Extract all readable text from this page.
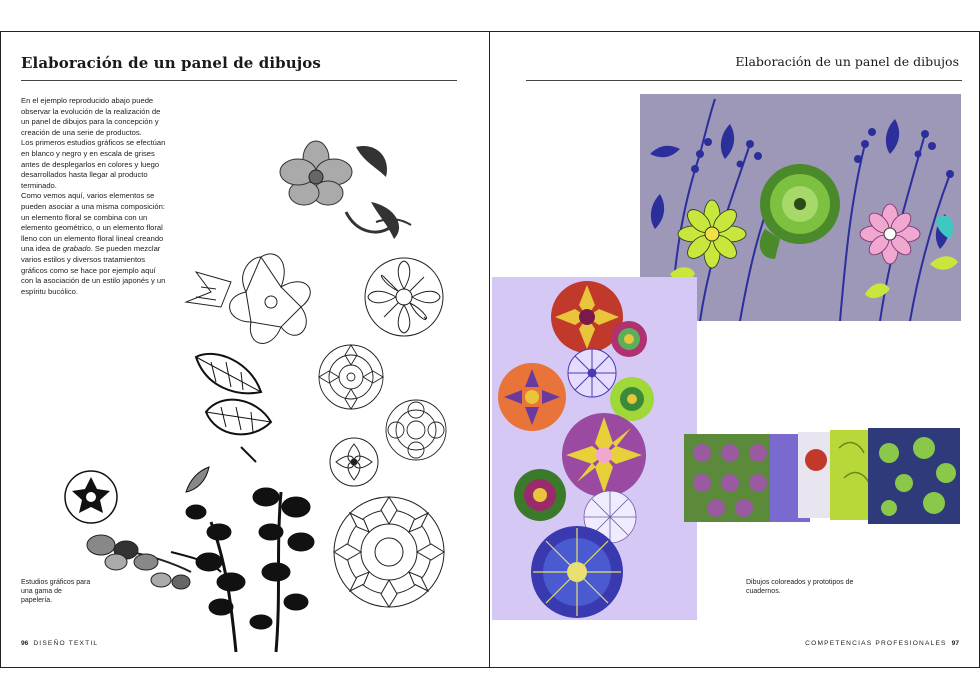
Elaboración de un panel de dibujos

En el ejemplo reproducido abajo puede observar la evolución de la realización de un panel de dibujos para la concepción y creación de una serie de productos.

Los primeros estudios gráficos se efectúan en blanco y negro y en escala de grises antes de desplegarlos en colores y luego desarrollados hasta llegar al producto terminado.

Como vemos aquí, varios elementos se pueden asociar a una misma composición: un elemento floral se combina con un elemento geométrico, o un elemento floral lleno con un elemento floral lineal creando una idea de grabado. Se pueden mezclar varios estilos y diversos tratamientos gráficos como se hace por ejemplo aquí con la asociación de un estilo japonés y un espíritu bucólico.

Estudios gráficos para una gama de papelería.
96 DISEÑO TEXTIL
Elaboración de un panel de dibujos
Dibujos coloreados y prototipos de cuadernos.
COMPETENCIAS PROFESIONALES 97
